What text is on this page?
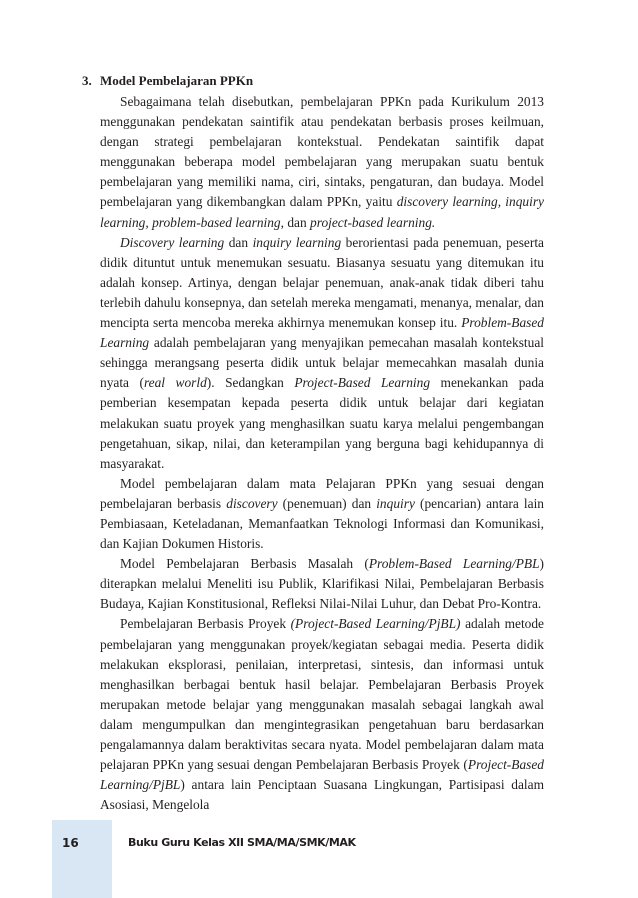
3. Model Pembelajaran PPKn

Sebagaimana telah disebutkan, pembelajaran PPKn pada Kurikulum 2013 menggunakan pendekatan saintifik atau pendekatan berbasis proses keilmuan, dengan strategi pembelajaran kontekstual. Pendekatan saintifik dapat menggunakan beberapa model pembelajaran yang merupakan suatu bentuk pembelajaran yang memiliki nama, ciri, sintaks, pengaturan, dan budaya. Model pembelajaran yang dikembangkan dalam PPKn, yaitu discovery learning, inquiry learning, problem-based learning, dan project-based learning.

Discovery learning dan inquiry learning berorientasi pada penemuan, peserta didik dituntut untuk menemukan sesuatu. Biasanya sesuatu yang ditemukan itu adalah konsep. Artinya, dengan belajar penemuan, anak-anak tidak diberi tahu terlebih dahulu konsepnya, dan setelah mereka mengamati, menanya, menalar, dan mencipta serta mencoba mereka akhirnya menemukan konsep itu. Problem-Based Learning adalah pembelajaran yang menyajikan pemecahan masalah kontekstual sehingga merangsang peserta didik untuk belajar memecahkan masalah dunia nyata (real world). Sedangkan Project-Based Learning menekankan pada pemberian kesempatan kepada peserta didik untuk belajar dari kegiatan melakukan suatu proyek yang menghasilkan suatu karya melalui pengembangan pengetahuan, sikap, nilai, dan keterampilan yang berguna bagi kehidupannya di masyarakat.

Model pembelajaran dalam mata Pelajaran PPKn yang sesuai dengan pembelajaran berbasis discovery (penemuan) dan inquiry (pencarian) antara lain Pembiasaan, Keteladanan, Memanfaatkan Teknologi Informasi dan Komunikasi, dan Kajian Dokumen Historis.

Model Pembelajaran Berbasis Masalah (Problem-Based Learning/PBL) diterapkan melalui Meneliti isu Publik, Klarifikasi Nilai, Pembelajaran Berbasis Budaya, Kajian Konstitusional, Refleksi Nilai-Nilai Luhur, dan Debat Pro-Kontra.

Pembelajaran Berbasis Proyek (Project-Based Learning/PjBL) adalah metode pembelajaran yang menggunakan proyek/kegiatan sebagai media. Peserta didik melakukan eksplorasi, penilaian, interpretasi, sintesis, dan informasi untuk menghasilkan berbagai bentuk hasil belajar. Pembelajaran Berbasis Proyek merupakan metode belajar yang menggunakan masalah sebagai langkah awal dalam mengumpulkan dan mengintegrasikan pengetahuan baru berdasarkan pengalamannya dalam beraktivitas secara nyata. Model pembelajaran dalam mata pelajaran PPKn yang sesuai dengan Pembelajaran Berbasis Proyek (Project-Based Learning/PjBL) antara lain Penciptaan Suasana Lingkungan, Partisipasi dalam Asosiasi, Mengelola

16	Buku Guru Kelas XII SMA/MA/SMK/MAK
